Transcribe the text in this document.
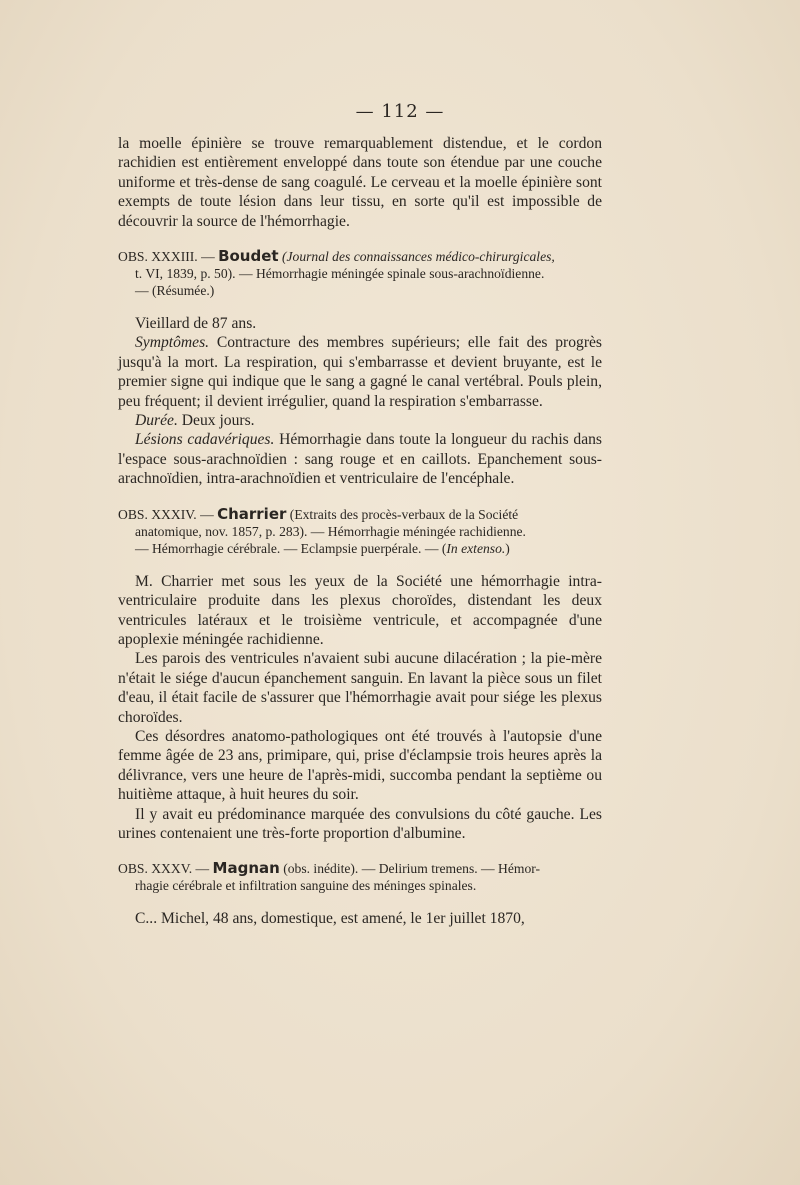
— 112 —

la moelle épinière se trouve remarquablement distendue, et le cordon rachidien est entièrement enveloppé dans toute son étendue par une couche uniforme et très-dense de sang coagulé. Le cerveau et la moelle épinière sont exempts de toute lésion dans leur tissu, en sorte qu'il est impossible de découvrir la source de l'hémorrhagie.

OBS. XXXIII. — Boudet (Journal des connaissances médico-chirurgicales,
t. VI, 1839, p. 50). — Hémorrhagie méningée spinale sous-arachnoïdienne.
— (Résumée.)

Vieillard de 87 ans.

Symptômes. Contracture des membres supérieurs; elle fait des progrès jusqu'à la mort. La respiration, qui s'embarrasse et devient bruyante, est le premier signe qui indique que le sang a gagné le canal vertébral. Pouls plein, peu fréquent; il devient irrégulier, quand la respiration s'embarrasse.

Durée. Deux jours.

Lésions cadavériques. Hémorrhagie dans toute la longueur du rachis dans l'espace sous-arachnoïdien : sang rouge et en caillots. Epanchement sous-arachnoïdien, intra-arachnoïdien et ventriculaire de l'encéphale.

OBS. XXXIV. — Charrier (Extraits des procès-verbaux de la Société
anatomique, nov. 1857, p. 283). — Hémorrhagie méningée rachidienne.
— Hémorrhagie cérébrale. — Eclampsie puerpérale. — (In extenso.)

M. Charrier met sous les yeux de la Société une hémorrhagie intra-ventriculaire produite dans les plexus choroïdes, distendant les deux ventricules latéraux et le troisième ventricule, et accompagnée d'une apoplexie méningée rachidienne.

Les parois des ventricules n'avaient subi aucune dilacération ; la pie-mère n'était le siége d'aucun épanchement sanguin. En lavant la pièce sous un filet d'eau, il était facile de s'assurer que l'hémorrhagie avait pour siége les plexus choroïdes.

Ces désordres anatomo-pathologiques ont été trouvés à l'autopsie d'une femme âgée de 23 ans, primipare, qui, prise d'éclampsie trois heures après la délivrance, vers une heure de l'après-midi, succomba pendant la septième ou huitième attaque, à huit heures du soir.

Il y avait eu prédominance marquée des convulsions du côté gauche. Les urines contenaient une très-forte proportion d'albumine.

OBS. XXXV. — Magnan (obs. inédite). — Delirium tremens. — Hémor-
rhagie cérébrale et infiltration sanguine des méninges spinales.

C... Michel, 48 ans, domestique, est amené, le 1er juillet 1870,
